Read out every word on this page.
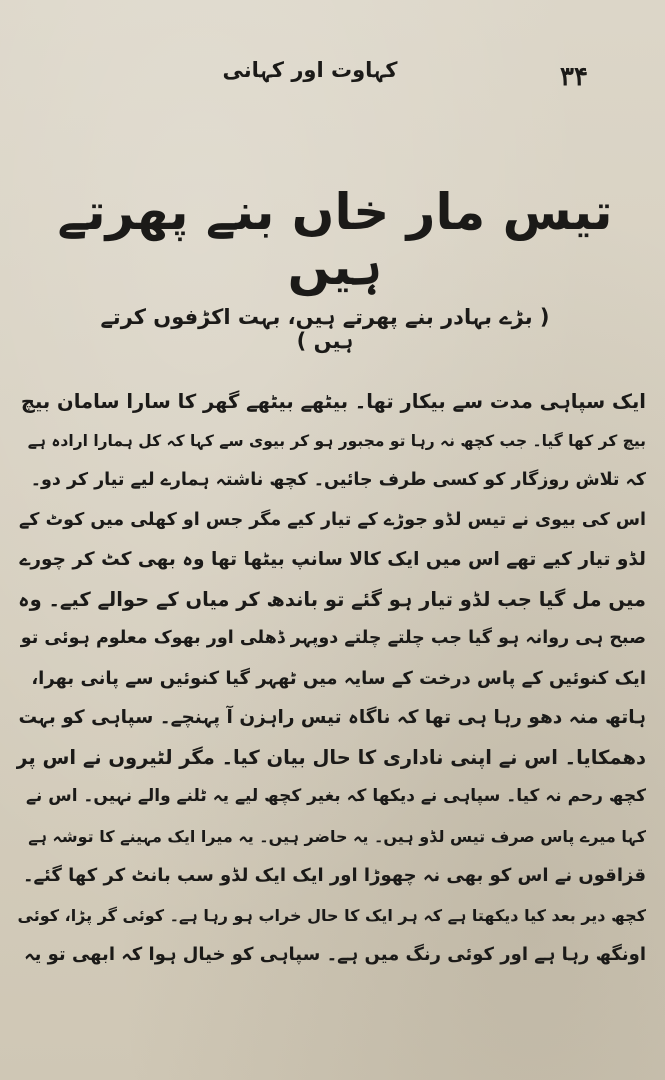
۳۴
کہاوت اور کہانی
تیس مار خاں بنے پھرتے ہیں
( بڑے بہادر بنے پھرتے ہیں، بہت اکڑفوں کرتے ہیں )
ایک سپاہی مدت سے بیکار تھا۔ بیٹھے بیٹھے گھر کا سارا سامان بیچ
بیچ کر کھا گیا۔ جب کچھ نہ رہا تو مجبور ہو کر بیوی سے کہا کہ کل ہمارا ارادہ ہے
کہ تلاش روزگار کو کسی طرف جائیں۔ کچھ ناشتہ ہمارے لیے تیار کر دو۔
اس کی بیوی نے تیس لڈو جوڑے کے تیار کیے مگر جس او کھلی میں کوٹ کے
لڈو تیار کیے تھے اس میں ایک کالا سانپ بیٹھا تھا وہ بھی کٹ کر چورے
میں مل گیا جب لڈو تیار ہو گئے تو باندھ کر میاں کے حوالے کیے۔ وہ
صبح ہی روانہ ہو گیا جب چلتے چلتے دوپہر ڈھلی اور بھوک معلوم ہوئی تو
ایک کنوئیں کے پاس درخت کے سایہ میں ٹھہر گیا کنوئیں سے پانی بھرا،
ہاتھ منہ دھو رہا ہی تھا کہ ناگاہ تیس راہزن آ پہنچے۔ سپاہی کو بہت
دھمکایا۔ اس نے اپنی ناداری کا حال بیان کیا۔ مگر لٹیروں نے اس پر
کچھ رحم نہ کیا۔ سپاہی نے دیکھا کہ بغیر کچھ لیے یہ ٹلنے والے نہیں۔ اس نے
کہا میرے پاس صرف تیس لڈو ہیں۔ یہ حاضر ہیں۔ یہ میرا ایک مہینے کا توشہ ہے
قزاقوں نے اس کو بھی نہ چھوڑا اور ایک ایک لڈو سب بانٹ کر کھا گئے۔
کچھ دیر بعد کیا دیکھتا ہے کہ ہر ایک کا حال خراب ہو رہا ہے۔ کوئی گر پڑا، کوئی
اونگھ رہا ہے اور کوئی رنگ میں ہے۔ سپاہی کو خیال ہوا کہ ابھی تو یہ
